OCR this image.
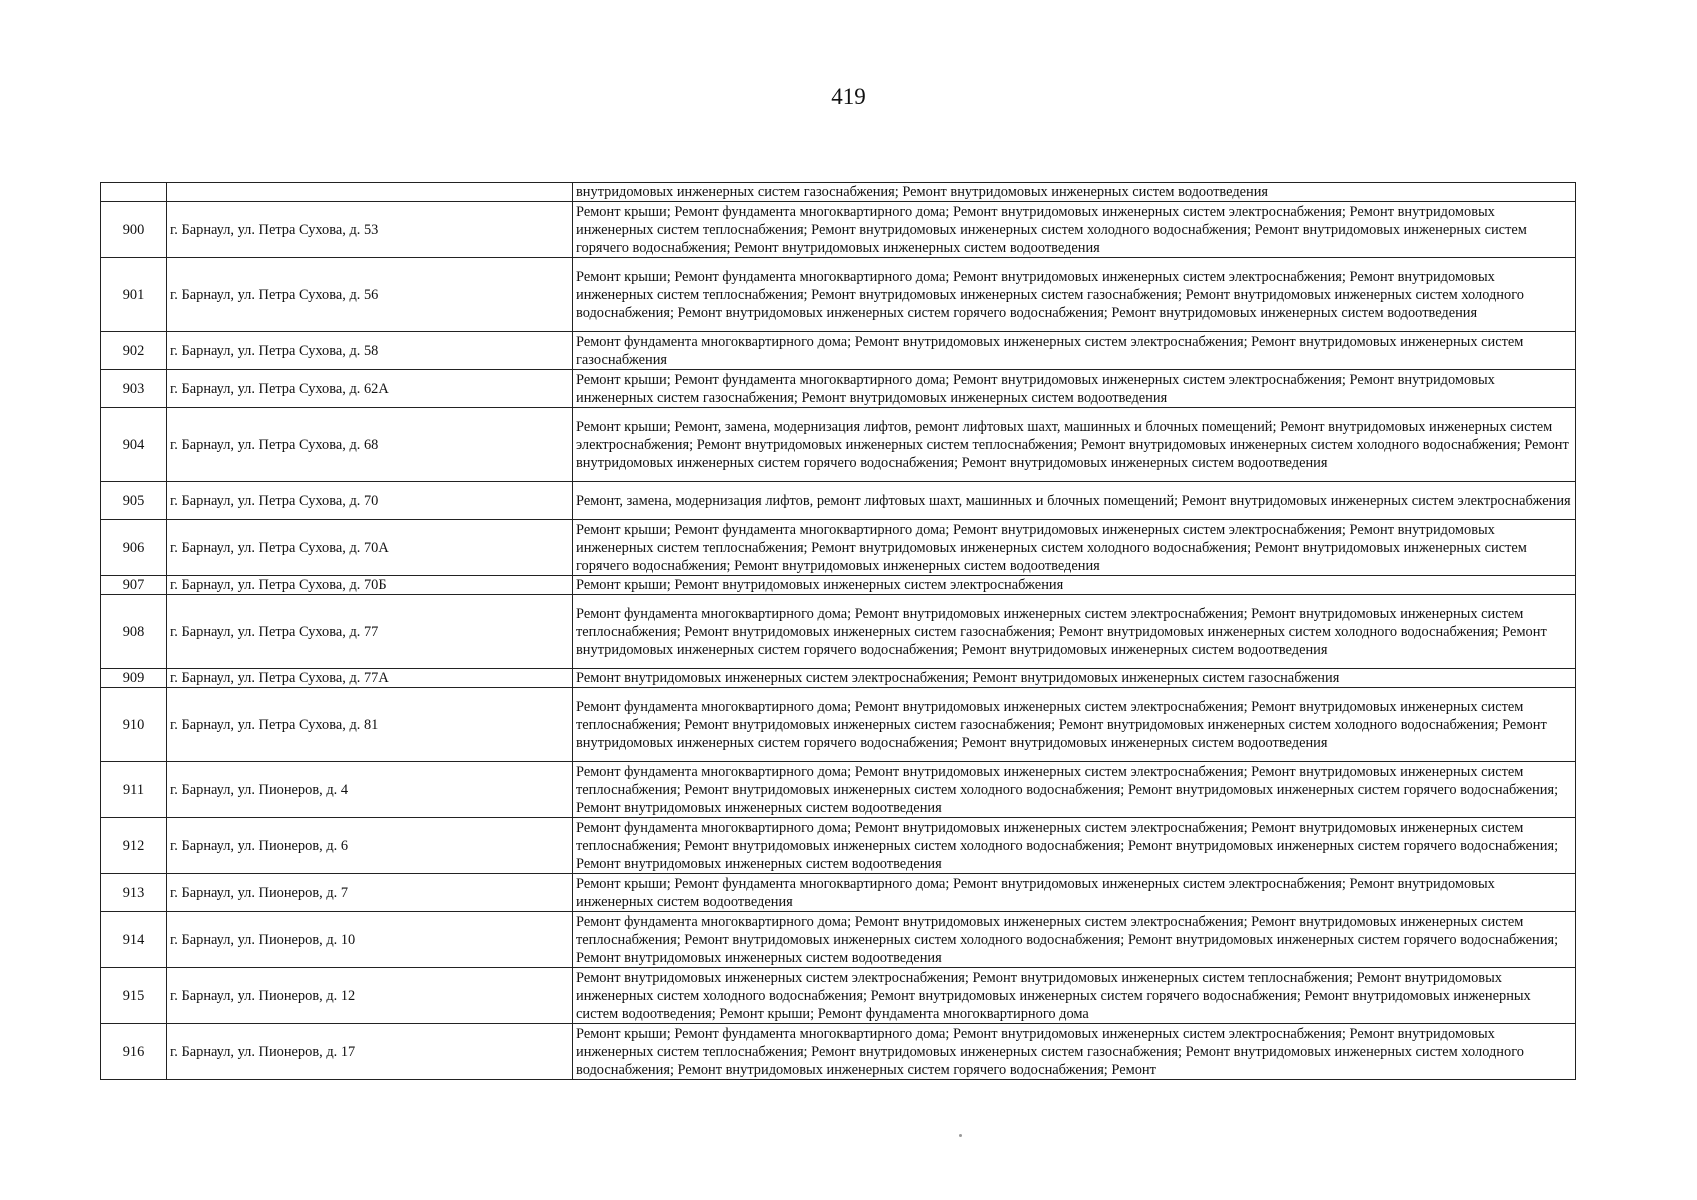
419
		внутридомовых инженерных систем газоснабжения; Ремонт внутридомовых инженерных систем водоотведения
900	г. Барнаул, ул. Петра Сухова, д. 53	Ремонт крыши; Ремонт фундамента многоквартирного дома; Ремонт внутридомовых инженерных систем электроснабжения; Ремонт внутридомовых инженерных систем теплоснабжения; Ремонт внутридомовых инженерных систем холодного водоснабжения; Ремонт внутридомовых инженерных систем горячего водоснабжения; Ремонт внутридомовых инженерных систем водоотведения
901	г. Барнаул, ул. Петра Сухова, д. 56	Ремонт крыши; Ремонт фундамента многоквартирного дома; Ремонт внутридомовых инженерных систем электроснабжения; Ремонт внутридомовых инженерных систем теплоснабжения; Ремонт внутридомовых инженерных систем газоснабжения; Ремонт внутридомовых инженерных систем холодного водоснабжения; Ремонт внутридомовых инженерных систем горячего водоснабжения; Ремонт внутридомовых инженерных систем водоотведения
902	г. Барнаул, ул. Петра Сухова, д. 58	Ремонт фундамента многоквартирного дома; Ремонт внутридомовых инженерных систем электроснабжения; Ремонт внутридомовых инженерных систем газоснабжения
903	г. Барнаул, ул. Петра Сухова, д. 62А	Ремонт крыши; Ремонт фундамента многоквартирного дома; Ремонт внутридомовых инженерных систем электроснабжения; Ремонт внутридомовых инженерных систем газоснабжения; Ремонт внутридомовых инженерных систем водоотведения
904	г. Барнаул, ул. Петра Сухова, д. 68	Ремонт крыши; Ремонт, замена, модернизация лифтов, ремонт лифтовых шахт, машинных и блочных помещений; Ремонт внутридомовых инженерных систем электроснабжения; Ремонт внутридомовых инженерных систем теплоснабжения; Ремонт внутридомовых инженерных систем холодного водоснабжения; Ремонт внутридомовых инженерных систем горячего водоснабжения; Ремонт внутридомовых инженерных систем водоотведения
905	г. Барнаул, ул. Петра Сухова, д. 70	Ремонт, замена, модернизация лифтов, ремонт лифтовых шахт, машинных и блочных помещений; Ремонт внутридомовых инженерных систем электроснабжения
906	г. Барнаул, ул. Петра Сухова, д. 70А	Ремонт крыши; Ремонт фундамента многоквартирного дома; Ремонт внутридомовых инженерных систем электроснабжения; Ремонт внутридомовых инженерных систем теплоснабжения; Ремонт внутридомовых инженерных систем холодного водоснабжения; Ремонт внутридомовых инженерных систем горячего водоснабжения; Ремонт внутридомовых инженерных систем водоотведения
907	г. Барнаул, ул. Петра Сухова, д. 70Б	Ремонт крыши; Ремонт внутридомовых инженерных систем электроснабжения
908	г. Барнаул, ул. Петра Сухова, д. 77	Ремонт фундамента многоквартирного дома; Ремонт внутридомовых инженерных систем электроснабжения; Ремонт внутридомовых инженерных систем теплоснабжения; Ремонт внутридомовых инженерных систем газоснабжения; Ремонт внутридомовых инженерных систем холодного водоснабжения; Ремонт внутридомовых инженерных систем горячего водоснабжения; Ремонт внутридомовых инженерных систем водоотведения
909	г. Барнаул, ул. Петра Сухова, д. 77А	Ремонт внутридомовых инженерных систем электроснабжения; Ремонт внутридомовых инженерных систем газоснабжения
910	г. Барнаул, ул. Петра Сухова, д. 81	Ремонт фундамента многоквартирного дома; Ремонт внутридомовых инженерных систем электроснабжения; Ремонт внутридомовых инженерных систем теплоснабжения; Ремонт внутридомовых инженерных систем газоснабжения; Ремонт внутридомовых инженерных систем холодного водоснабжения; Ремонт внутридомовых инженерных систем горячего водоснабжения; Ремонт внутридомовых инженерных систем водоотведения
911	г. Барнаул, ул. Пионеров, д. 4	Ремонт фундамента многоквартирного дома; Ремонт внутридомовых инженерных систем электроснабжения; Ремонт внутридомовых инженерных систем теплоснабжения; Ремонт внутридомовых инженерных систем холодного водоснабжения; Ремонт внутридомовых инженерных систем горячего водоснабжения; Ремонт внутридомовых инженерных систем водоотведения
912	г. Барнаул, ул. Пионеров, д. 6	Ремонт фундамента многоквартирного дома; Ремонт внутридомовых инженерных систем электроснабжения; Ремонт внутридомовых инженерных систем теплоснабжения; Ремонт внутридомовых инженерных систем холодного водоснабжения; Ремонт внутридомовых инженерных систем горячего водоснабжения; Ремонт внутридомовых инженерных систем водоотведения
913	г. Барнаул, ул. Пионеров, д. 7	Ремонт крыши; Ремонт фундамента многоквартирного дома; Ремонт внутридомовых инженерных систем электроснабжения; Ремонт внутридомовых инженерных систем водоотведения
914	г. Барнаул, ул. Пионеров, д. 10	Ремонт фундамента многоквартирного дома; Ремонт внутридомовых инженерных систем электроснабжения; Ремонт внутридомовых инженерных систем теплоснабжения; Ремонт внутридомовых инженерных систем холодного водоснабжения; Ремонт внутридомовых инженерных систем горячего водоснабжения; Ремонт внутридомовых инженерных систем водоотведения
915	г. Барнаул, ул. Пионеров, д. 12	Ремонт внутридомовых инженерных систем электроснабжения; Ремонт внутридомовых инженерных систем теплоснабжения; Ремонт внутридомовых инженерных систем холодного водоснабжения; Ремонт внутридомовых инженерных систем горячего водоснабжения; Ремонт внутридомовых инженерных систем водоотведения; Ремонт крыши; Ремонт фундамента многоквартирного дома
916	г. Барнаул, ул. Пионеров, д. 17	Ремонт крыши; Ремонт фундамента многоквартирного дома; Ремонт внутридомовых инженерных систем электроснабжения; Ремонт внутридомовых инженерных систем теплоснабжения; Ремонт внутридомовых инженерных систем газоснабжения; Ремонт внутридомовых инженерных систем холодного водоснабжения; Ремонт внутридомовых инженерных систем горячего водоснабжения; Ремонт
